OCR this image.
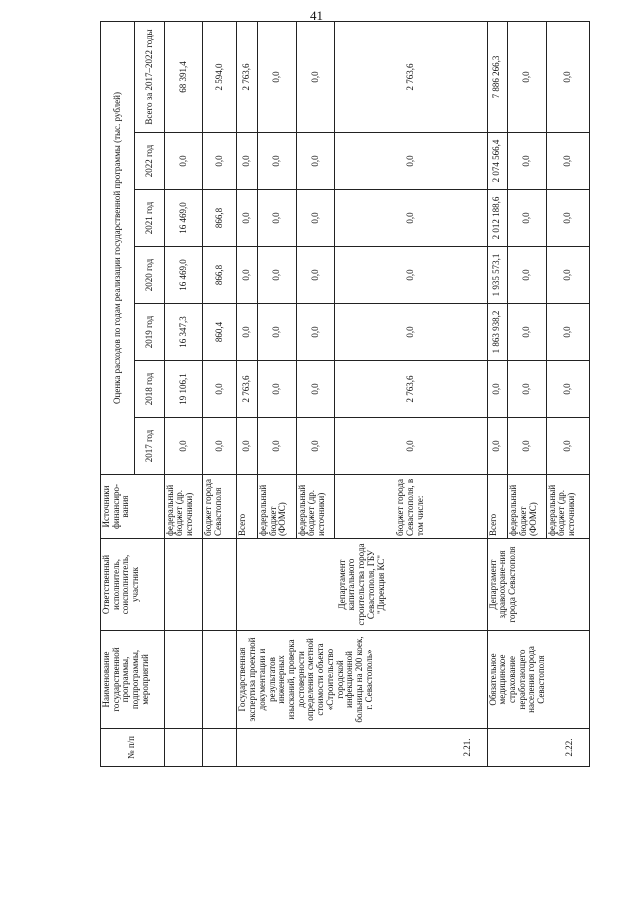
41
№ п/п	Наименование государственной программы, подпрограммы, мероприятий	Ответственный исполнитель, соисполнитель, участник	Источники финансиро-вания	Оценка расходов по годам реализации государственной программы (тыс. рублей)						
				2017 год	2018 год	2019 год	2020 год	2021 год	2022 год	Всего за 2017–2022 годы
			федеральный бюджет (др. источники)	0,0	19 106,1	16 347,3	16 469,0	16 469,0	0,0	68 391,4
			бюджет города Севастополя	0,0	0,0	860,4	866,8	866,8	0,0	2 594,0
2.21.	Государственная экспертиза проектной документации и результатов инженерных изысканий, проверка достоверности определения сметной стоимости объекта «Строительство городской инфекционной больницы на 200 коек, г. Севастополь»	Департамент капитального строительства города Севастополя, ГБУ "Дирекция КС"	Всего	0,0	2 763,6	0,0	0,0	0,0	0,0	2 763,6
			федеральный бюджет (ФОМС)	0,0	0,0	0,0	0,0	0,0	0,0	0,0
			федеральный бюджет (др. источники)	0,0	0,0	0,0	0,0	0,0	0,0	0,0
			бюджет города Севастополя, в том числе:	0,0	2 763,6	0,0	0,0	0,0	0,0	2 763,6
2.22.	Обязательное медицинское страхование неработающего населения города Севастополя	Департамент здравоохране-ния города Севастополя	Всего	0,0	0,0	1 863 938,2	1 935 573,1	2 012 188,6	2 074 566,4	7 886 266,3
			федеральный бюджет (ФОМС)	0,0	0,0	0,0	0,0	0,0	0,0	0,0
			федеральный бюджет (др. источники)	0,0	0,0	0,0	0,0	0,0	0,0	0,0
